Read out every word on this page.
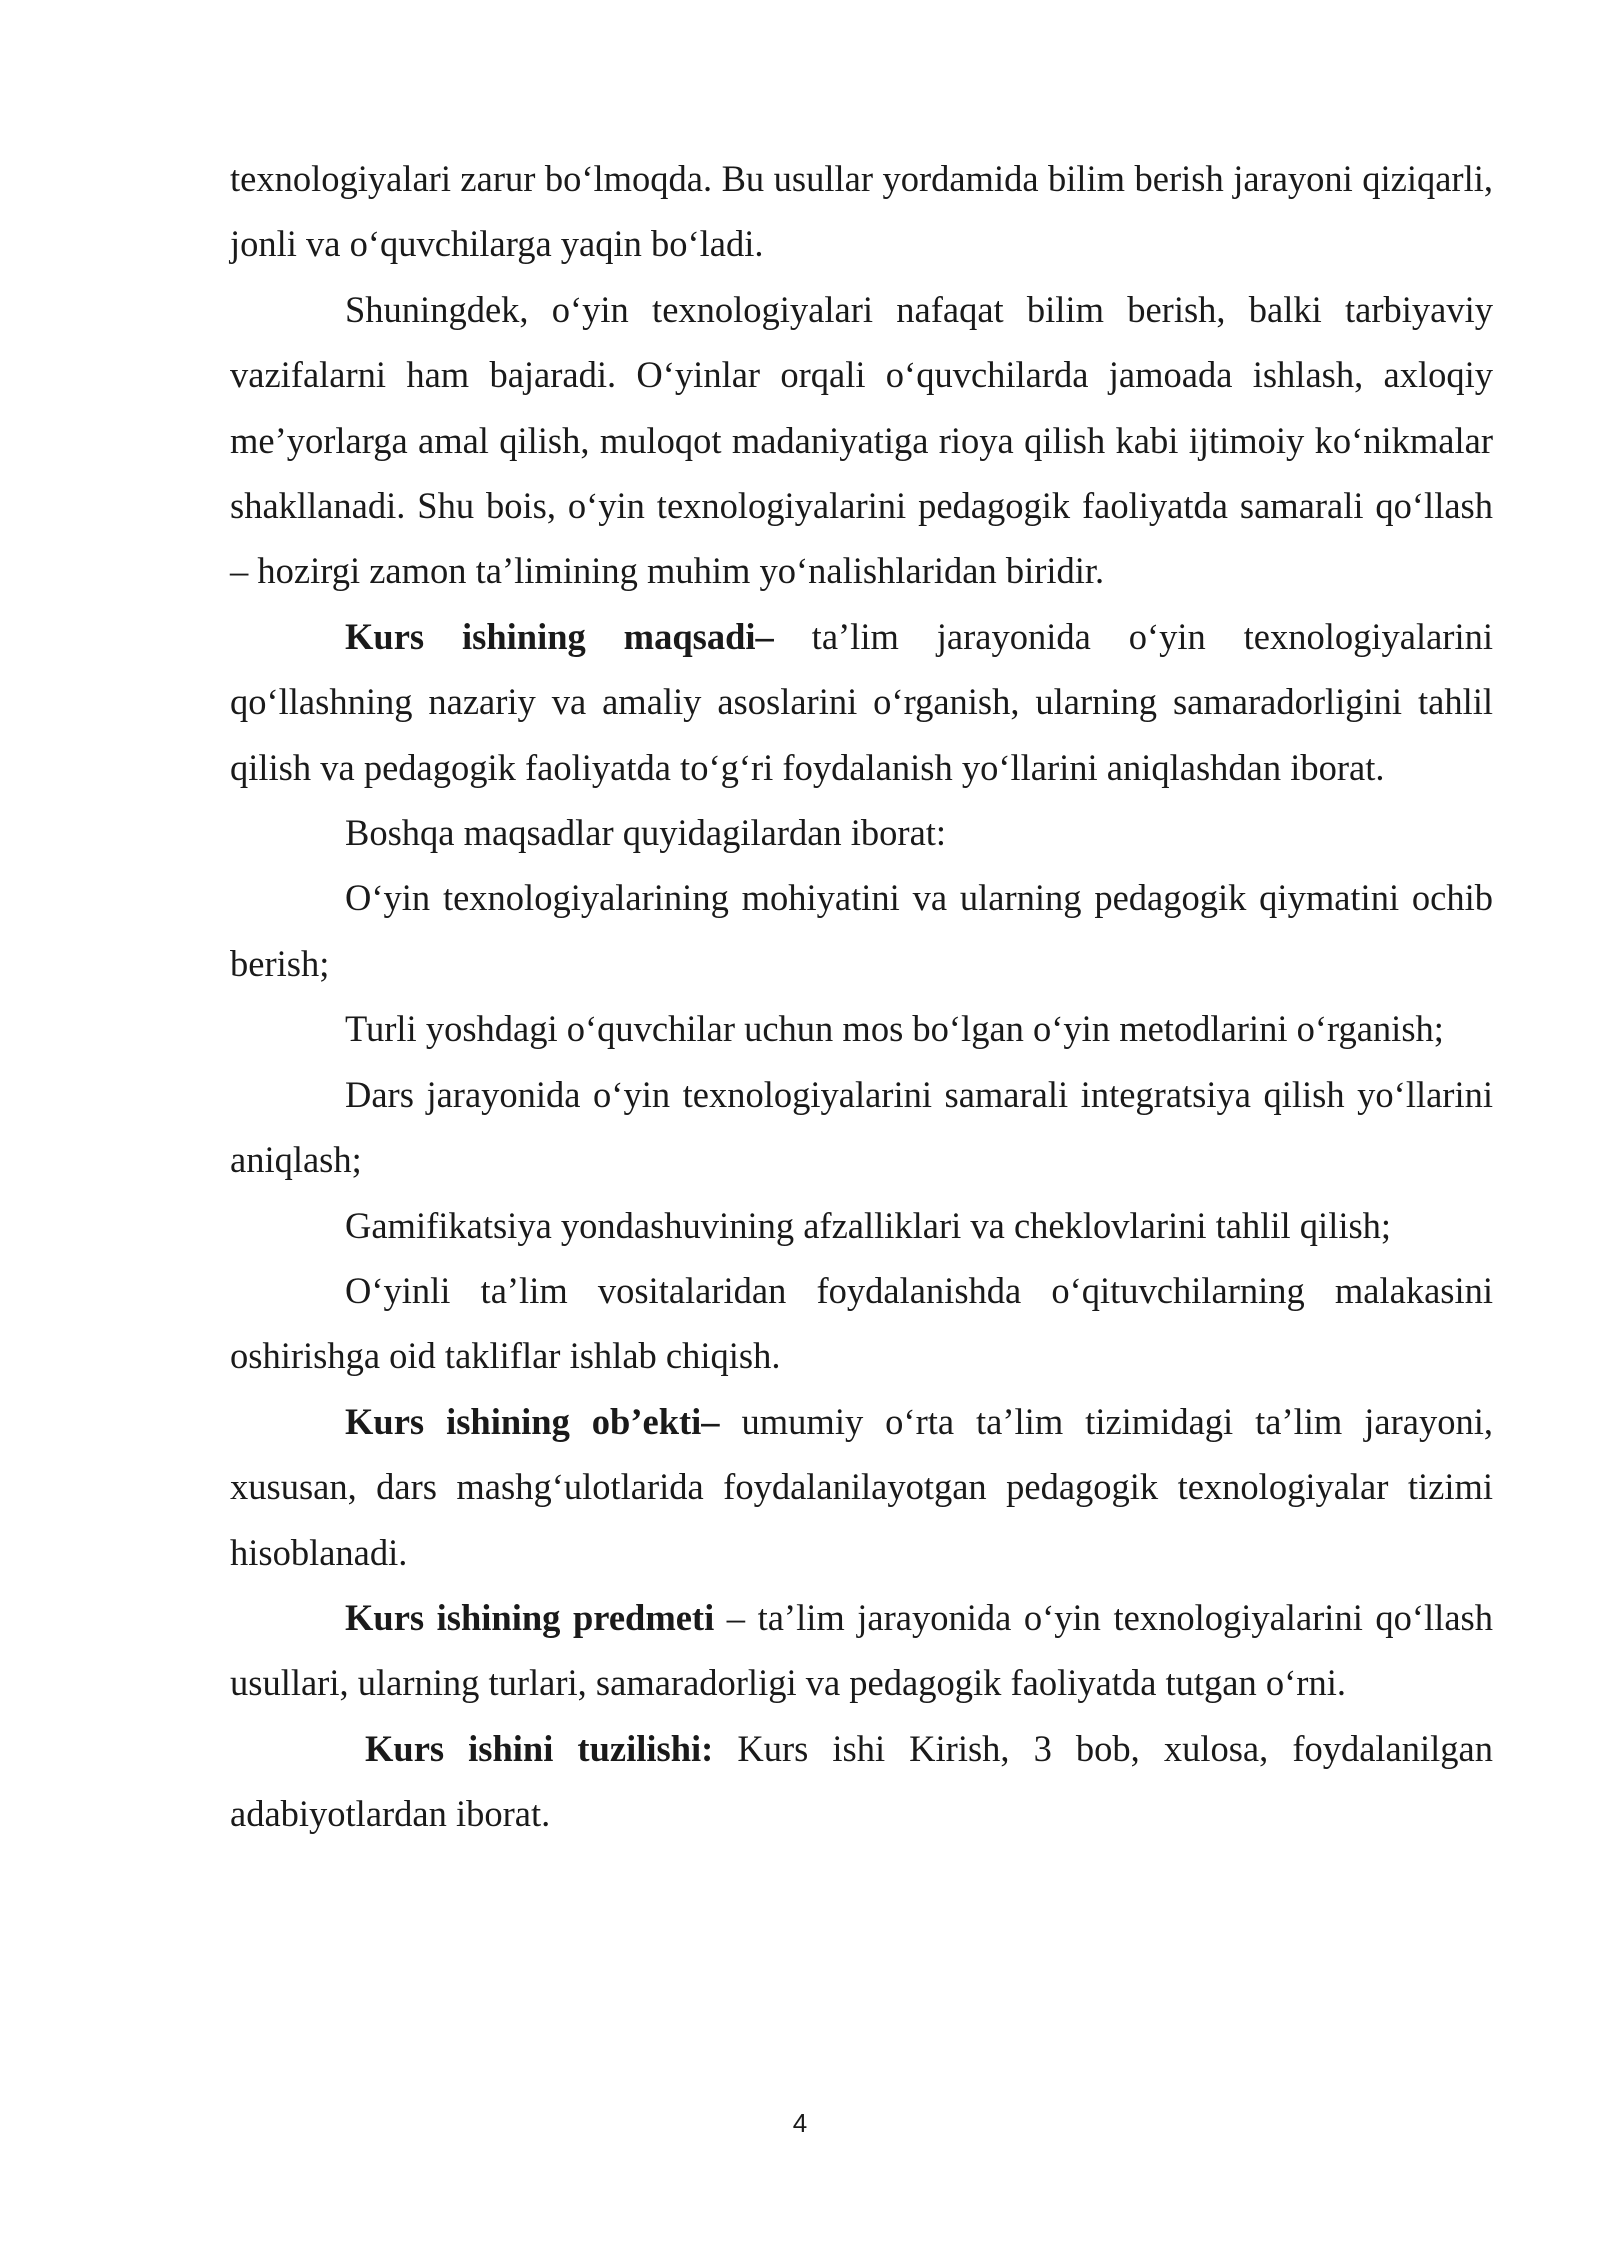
texnologiyalari zarur bo‘lmoqda. Bu usullar yordamida bilim berish jarayoni qiziqarli, jonli va o‘quvchilarga yaqin bo‘ladi.

Shuningdek, o‘yin texnologiyalari nafaqat bilim berish, balki tarbiyaviy vazifalarni ham bajaradi. O‘yinlar orqali o‘quvchilarda jamoada ishlash, axloqiy me’yorlarga amal qilish, muloqot madaniyatiga rioya qilish kabi ijtimoiy ko‘nikmalar shakllanadi. Shu bois, o‘yin texnologiyalarini pedagogik faoliyatda samarali qo‘llash – hozirgi zamon ta’limining muhim yo‘nalishlaridan biridir.

Kurs ishining maqsadi– ta’lim jarayonida o‘yin texnologiyalarini qo‘llashning nazariy va amaliy asoslarini o‘rganish, ularning samaradorligini tahlil qilish va pedagogik faoliyatda to‘g‘ri foydalanish yo‘llarini aniqlashdan iborat.

Boshqa maqsadlar quyidagilardan iborat:

O‘yin texnologiyalarining mohiyatini va ularning pedagogik qiymatini ochib berish;

Turli yoshdagi o‘quvchilar uchun mos bo‘lgan o‘yin metodlarini o‘rganish;

Dars jarayonida o‘yin texnologiyalarini samarali integratsiya qilish yo‘llarini aniqlash;

Gamifikatsiya yondashuvining afzalliklari va cheklovlarini tahlil qilish;

O‘yinli ta’lim vositalaridan foydalanishda o‘qituvchilarning malakasini oshirishga oid takliflar ishlab chiqish.

Kurs ishining ob’ekti– umumiy o‘rta ta’lim tizimidagi ta’lim jarayoni, xususan, dars mashg‘ulotlarida foydalanilayotgan pedagogik texnologiyalar tizimi hisoblanadi.

Kurs ishining predmeti – ta’lim jarayonida o‘yin texnologiyalarini qo‘llash usullari, ularning turlari, samaradorligi va pedagogik faoliyatda tutgan o‘rni.

Kurs ishini tuzilishi: Kurs ishi Kirish, 3 bob, xulosa, foydalanilgan adabiyotlardan iborat.

4
